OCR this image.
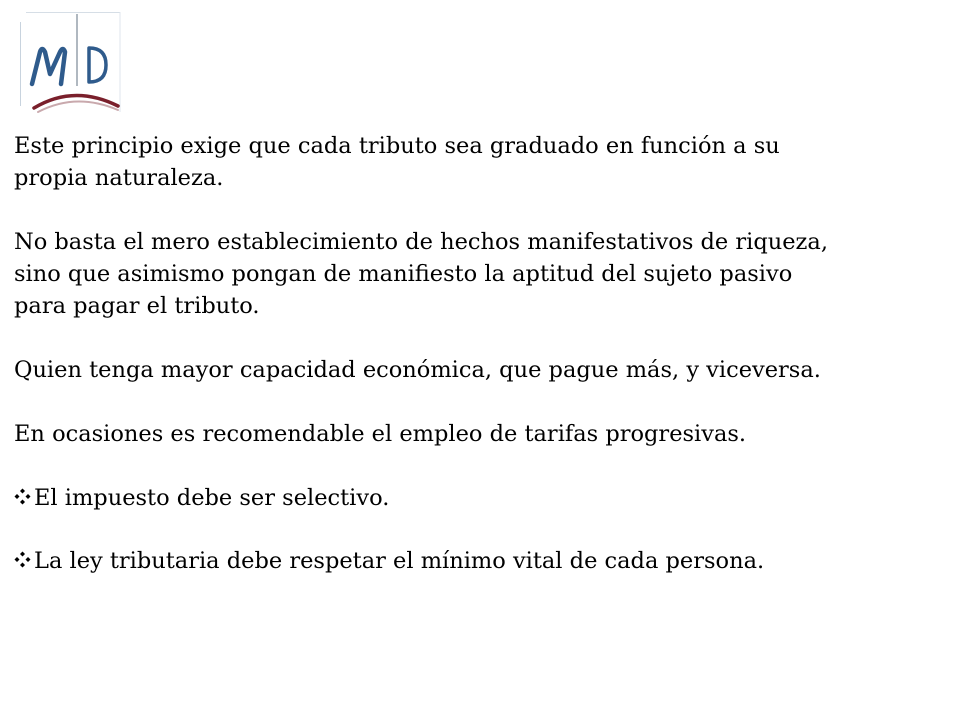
Este principio exige que cada tributo sea graduado en función a su
propia naturaleza.

No basta el mero establecimiento de hechos manifestativos de riqueza,
sino que asimismo pongan de manifiesto la aptitud del sujeto pasivo
para pagar el tributo.

Quien tenga mayor capacidad económica, que pague más, y viceversa.

En ocasiones es recomendable el empleo de tarifas progresivas.

El impuesto debe ser selectivo.
La ley tributaria debe respetar el mínimo vital de cada persona.
